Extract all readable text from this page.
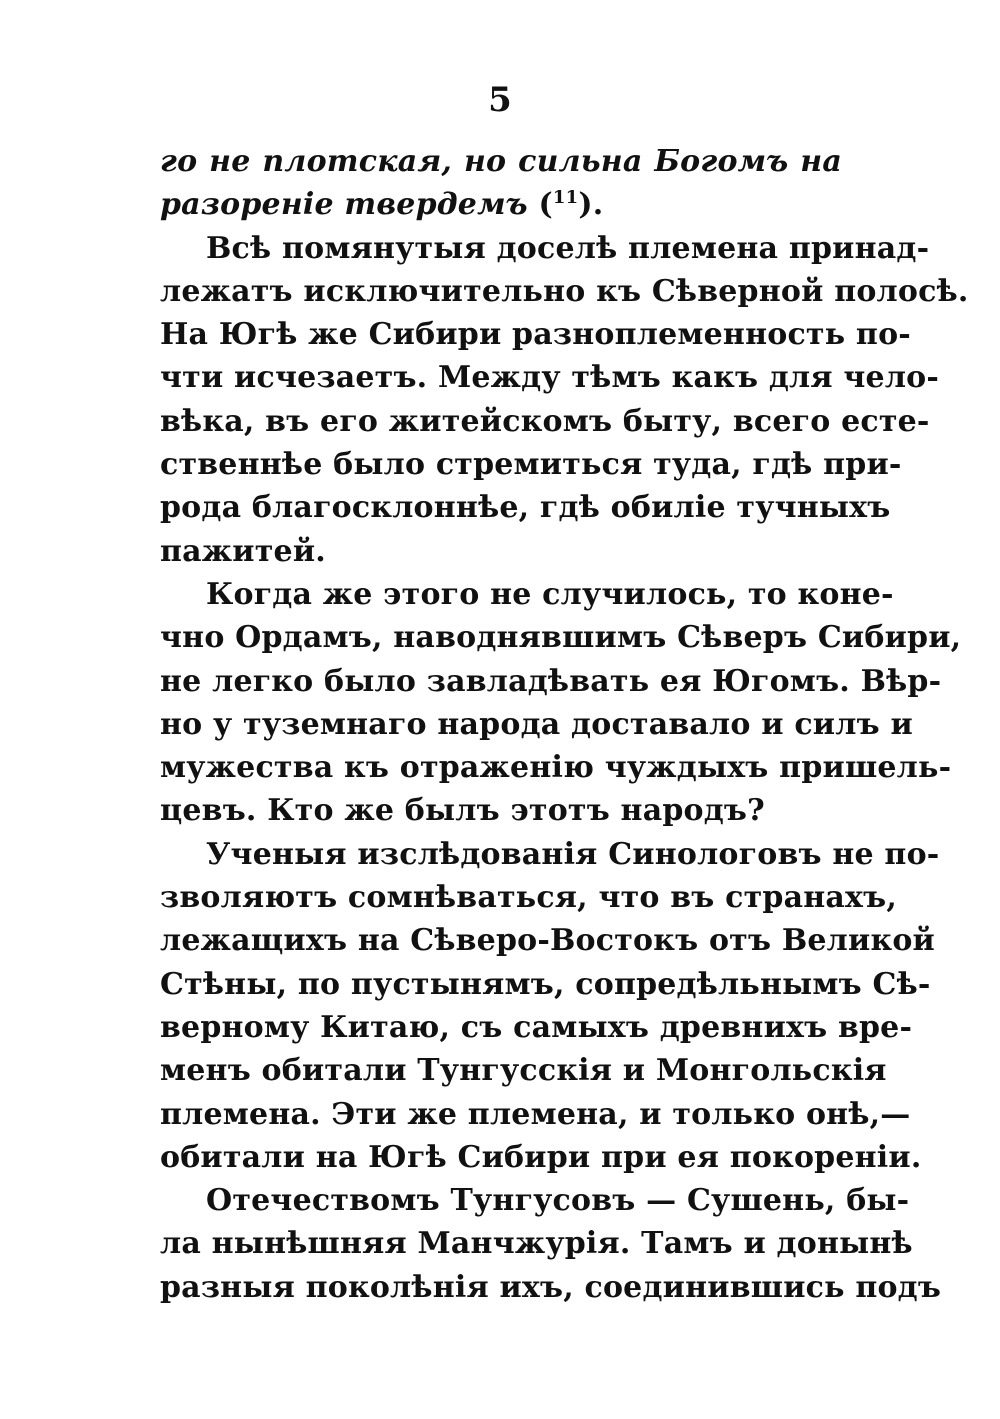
5
го не плотская, но сильна Богомъ на
разоренiе твердемъ ($^{11}$).
Всѣ помянутыя доселѣ племена принад-
лежатъ исключительно къ Сѣверной полосѣ.
На Югѣ же Сибири разноплеменность по-
чти исчезаетъ. Между тѣмъ какъ для чело-
вѣка, въ его житейскомъ быту, всего есте-
ственнѣе было стремиться туда, гдѣ при-
рода благосклоннѣе, гдѣ обилiе тучныхъ
пажитей.
Когда же этого не случилось, то коне-
чно Ордамъ, наводнявшимъ Сѣверъ Сибири,
не легко было завладѣвать ея Югомъ. Вѣр-
но у туземнаго народа доставало и силъ и
мужества къ отраженiю чуждыхъ пришель-
цевъ. Кто же былъ этотъ народъ?
Ученыя изслѣдованiя Синологовъ не по-
зволяютъ сомнѣваться, что въ странахъ,
лежащихъ на Сѣверо-Востокъ отъ Великой
Стѣны, по пустынямъ, сопредѣльнымъ Сѣ-
верному Китаю, съ самыхъ древнихъ вре-
менъ обитали Тунгусскiя и Монгольскiя
племена. Эти же племена, и только онѣ,—
обитали на Югѣ Сибири при ея покоренiи.
Отечествомъ Тунгусовъ — Сушень, бы-
ла нынѣшняя Манчжурiя. Тамъ и донынѣ
разныя поколѣнiя ихъ, соединившись подъ
